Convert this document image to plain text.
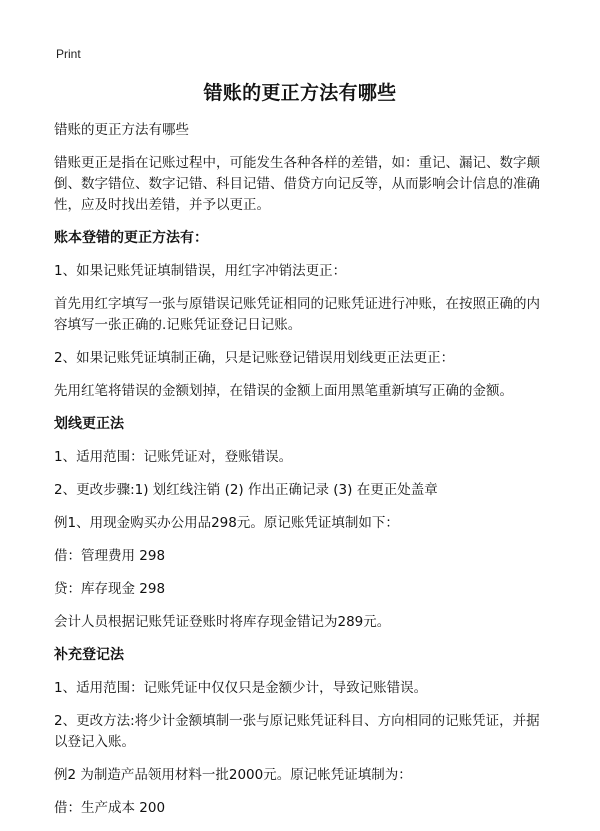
Print
错账的更正方法有哪些
错账的更正方法有哪些
错账更正是指在记账过程中，可能发生各种各样的差错，如：重记、漏记、数字颠倒、数字错位、数字记错、科目记错、借贷方向记反等，从而影响会计信息的准确性，应及时找出差错，并予以更正。
账本登错的更正方法有：
1、如果记账凭证填制错误，用红字冲销法更正：
首先用红字填写一张与原错误记账凭证相同的记账凭证进行冲账，在按照正确的内容填写一张正确的.记账凭证登记日记账。
2、如果记账凭证填制正确，只是记账登记错误用划线更正法更正：
先用红笔将错误的金额划掉，在错误的金额上面用黑笔重新填写正确的金额。
划线更正法
1、适用范围：记账凭证对，登账错误。
2、更改步骤:1) 划红线注销 (2) 作出正确记录 (3) 在更正处盖章
例1、用现金购买办公用品298元。原记账凭证填制如下：
借：管理费用 298
贷：库存现金 298
会计人员根据记账凭证登账时将库存现金错记为289元。
补充登记法
1、适用范围：记账凭证中仅仅只是金额少计，导致记账错误。
2、更改方法:将少计金额填制一张与原记账凭证科目、方向相同的记账凭证，并据以登记入账。
例2 为制造产品领用材料一批2000元。原记帐凭证填制为：
借：生产成本 200
